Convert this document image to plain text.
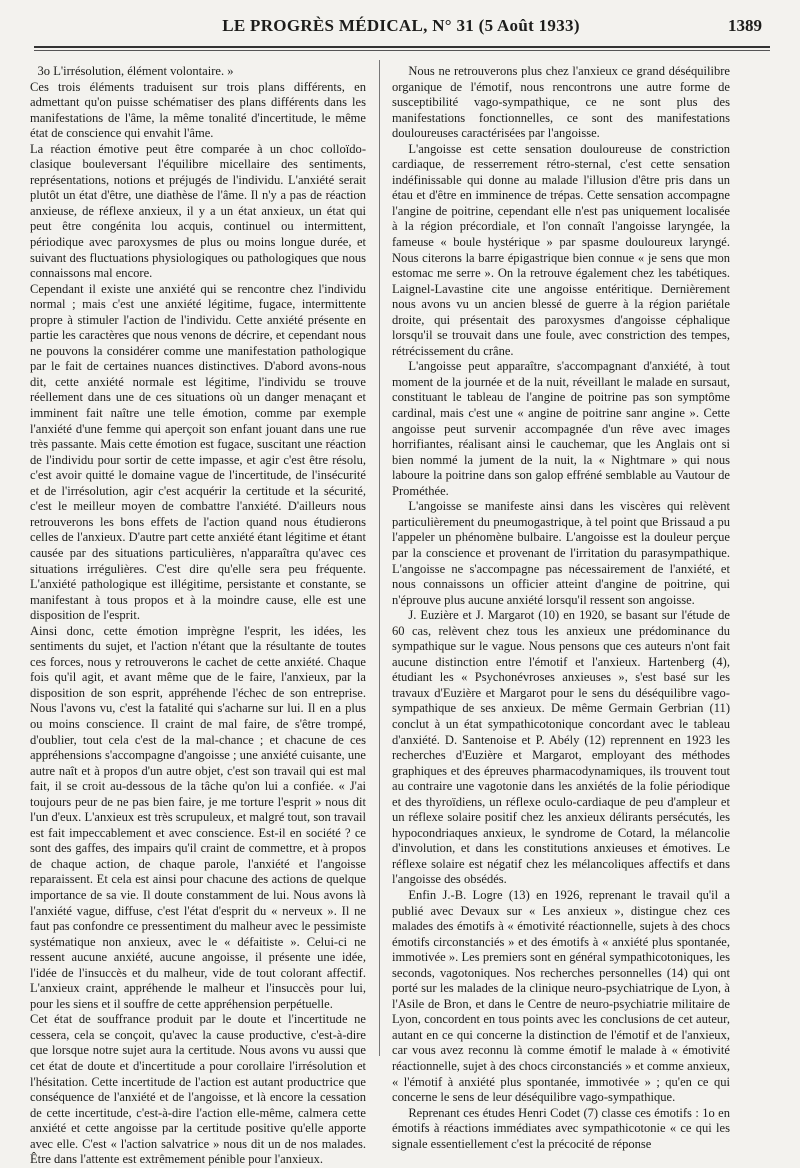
LE PROGRÈS MÉDICAL, N° 31 (5 Août 1933)	1389

3o L'irrésolution, élément volontaire. »

Ces trois éléments traduisent sur trois plans différents, en admettant qu'on puisse schématiser des plans différents dans les manifestations de l'âme, la même tonalité d'incertitude, le même état de conscience qui envahit l'âme.

La réaction émotive peut être comparée à un choc colloïdo-clasique bouleversant l'équilibre micellaire des sentiments, représentations, notions et préjugés de l'individu. L'anxiété serait plutôt un état d'être, une diathèse de l'âme. Il n'y a pas de réaction anxieuse, de réflexe anxieux, il y a un état anxieux, un état qui peut être congénita lou acquis, continuel ou intermittent, périodique avec paroxysmes de plus ou moins longue durée, et suivant des fluctuations physiologiques ou pathologiques que nous connaissons mal encore.

Cependant il existe une anxiété qui se rencontre chez l'individu normal ; mais c'est une anxiété légitime, fugace, intermittente propre à stimuler l'action de l'individu. Cette anxiété présente en partie les caractères que nous venons de décrire, et cependant nous ne pouvons la considérer comme une manifestation pathologique par le fait de certaines nuances distinctives. D'abord avons-nous dit, cette anxiété normale est légitime, l'individu se trouve réellement dans une de ces situations où un danger menaçant et imminent fait naître une telle émotion, comme par exemple l'anxiété d'une femme qui aperçoit son enfant jouant dans une rue très passante. Mais cette émotion est fugace, suscitant une réaction de l'individu pour sortir de cette impasse, et agir c'est être résolu, c'est avoir quitté le domaine vague de l'incertitude, de l'insécurité et de l'irrésolution, agir c'est acquérir la certitude et la sécurité, c'est le meilleur moyen de combattre l'anxiété. D'ailleurs nous retrouverons les bons effets de l'action quand nous étudierons celles de l'anxieux. D'autre part cette anxiété étant légitime et étant causée par des situations particulières, n'apparaîtra qu'avec ces situations irrégulières. C'est dire qu'elle sera peu fréquente. L'anxiété pathologique est illégitime, persistante et constante, se manifestant à tous propos et à la moindre cause, elle est une disposition de l'esprit.

Ainsi donc, cette émotion imprègne l'esprit, les idées, les sentiments du sujet, et l'action n'étant que la résultante de toutes ces forces, nous y retrouverons le cachet de cette anxiété. Chaque fois qu'il agit, et avant même que de le faire, l'anxieux, par la disposition de son esprit, appréhende l'échec de son entreprise. Nous l'avons vu, c'est la fatalité qui s'acharne sur lui. Il en a plus ou moins conscience. Il craint de mal faire, de s'être trompé, d'oublier, tout cela c'est de la mal-chance ; et chacune de ces appréhensions s'accompagne d'angoisse ; une anxiété cuisante, une autre naît et à propos d'un autre objet, c'est son travail qui est mal fait, il se croit au-dessous de la tâche qu'on lui a confiée. « J'ai toujours peur de ne pas bien faire, je me torture l'esprit » nous dit l'un d'eux. L'anxieux est très scrupuleux, et malgré tout, son travail est fait impeccablement et avec conscience. Est-il en société ? ce sont des gaffes, des impairs qu'il craint de commettre, et à propos de chaque action, de chaque parole, l'anxiété et l'angoisse reparaissent. Et cela est ainsi pour chacune des actions de quelque importance de sa vie. Il doute constamment de lui. Nous avons là l'anxiété vague, diffuse, c'est l'état d'esprit du « nerveux ». Il ne faut pas confondre ce pressentiment du malheur avec le pessimiste systématique non anxieux, avec le « défaitiste ». Celui-ci ne ressent aucune anxiété, aucune angoisse, il présente une idée, l'idée de l'insuccès et du malheur, vide de tout colorant affectif. L'anxieux craint, appréhende le malheur et l'insuccès pour lui, pour les siens et il souffre de cette appréhension perpétuelle.

Cet état de souffrance produit par le doute et l'incertitude ne cessera, cela se conçoit, qu'avec la cause productive, c'est-à-dire que lorsque notre sujet aura la certitude. Nous avons vu aussi que cet état de doute et d'incertitude a pour corollaire l'irrésolution et l'hésitation. Cette incertitude de l'action est autant productrice que conséquence de l'anxiété et de l'angoisse, et là encore la cessation de cette incertitude, c'est-à-dire l'action elle-même, calmera cette anxiété et cette angoisse par la certitude positive qu'elle apporte avec elle. C'est « l'action salvatrice » nous dit un de nos malades. Être dans l'attente est extrêmement pénible pour l'anxieux.

Nous ne retrouverons plus chez l'anxieux ce grand déséquilibre organique de l'émotif, nous rencontrons une autre forme de susceptibilité vago-sympathique, ce ne sont plus des manifestations fonctionnelles, ce sont des manifestations douloureuses caractérisées par l'angoisse.

L'angoisse est cette sensation douloureuse de constriction cardiaque, de resserrement rétro-sternal, c'est cette sensation indéfinissable qui donne au malade l'illusion d'être pris dans un étau et d'être en imminence de trépas. Cette sensation accompagne l'angine de poitrine, cependant elle n'est pas uniquement localisée à la région précordiale, et l'on connaît l'angoisse laryngée, la fameuse « boule hystérique » par spasme douloureux laryngé. Nous citerons la barre épigastrique bien connue « je sens que mon estomac me serre ». On la retrouve également chez les tabétiques. Laignel-Lavastine cite une angoisse entéritique. Dernièrement nous avons vu un ancien blessé de guerre à la région pariétale droite, qui présentait des paroxysmes d'angoisse céphalique lorsqu'il se trouvait dans une foule, avec constriction des tempes, rétrécissement du crâne.

L'angoisse peut apparaître, s'accompagnant d'anxiété, à tout moment de la journée et de la nuit, réveillant le malade en sursaut, constituant le tableau de l'angine de poitrine pas son symptôme cardinal, mais c'est une « angine de poitrine sanr angine ». Cette angoisse peut survenir accompagnée d'un rêve avec images horrifiantes, réalisant ainsi le cauchemar, que les Anglais ont si bien nommé la jument de la nuit, la « Nightmare » qui nous laboure la poitrine dans son galop effréné semblable au Vautour de Prométhée.

L'angoisse se manifeste ainsi dans les viscères qui relèvent particulièrement du pneumogastrique, à tel point que Brissaud a pu l'appeler un phénomène bulbaire. L'angoisse est la douleur perçue par la conscience et provenant de l'irritation du parasympathique. L'angoisse ne s'accompagne pas nécessairement de l'anxiété, et nous connaissons un officier atteint d'angine de poitrine, qui n'éprouve plus aucune anxiété lorsqu'il ressent son angoisse.

J. Euzière et J. Margarot (10) en 1920, se basant sur l'étude de 60 cas, relèvent chez tous les anxieux une prédominance du sympathique sur le vague. Nous pensons que ces auteurs n'ont fait aucune distinction entre l'émotif et l'anxieux. Hartenberg (4), étudiant les « Psychonévroses anxieuses », s'est basé sur les travaux d'Euzière et Margarot pour le sens du déséquilibre vago-sympathique de ses anxieux. De même Germain Gerbrian (11) conclut à un état sympathicotonique concordant avec le tableau d'anxiété. D. Santenoise et P. Abély (12) reprennent en 1923 les recherches d'Euzière et Margarot, employant des méthodes graphiques et des épreuves pharmacodynamiques, ils trouvent tout au contraire une vagotonie dans les anxiétés de la folie périodique et des thyroïdiens, un réflexe oculo-cardiaque de peu d'ampleur et un réflexe solaire positif chez les anxieux délirants persécutés, les hypocondriaques anxieux, le syndrome de Cotard, la mélancolie d'involution, et dans les constitutions anxieuses et émotives. Le réflexe solaire est négatif chez les mélancoliques affectifs et dans l'angoisse des obsédés.

Enfin J.-B. Logre (13) en 1926, reprenant le travail qu'il a publié avec Devaux sur « Les anxieux », distingue chez ces malades des émotifs à « émotivité réactionnelle, sujets à des chocs émotifs circonstanciés » et des émotifs à « anxiété plus spontanée, immotivée ». Les premiers sont en général sympathicotoniques, les seconds, vagotoniques. Nos recherches personnelles (14) qui ont porté sur les malades de la clinique neuro-psychiatrique de Lyon, à l'Asile de Bron, et dans le Centre de neuro-psychiatrie militaire de Lyon, concordent en tous points avec les conclusions de cet auteur, autant en ce qui concerne la distinction de l'émotif et de l'anxieux, car vous avez reconnu là comme émotif le malade à « émotivité réactionnelle, sujet à des chocs circonstanciés » et comme anxieux, « l'émotif à anxiété plus spontanée, immotivée » ; qu'en ce qui concerne le sens de leur déséquilibre vago-sympathique.

Reprenant ces études Henri Codet (7) classe ces émotifs : 1o en émotifs à réactions immédiates avec sympathicotonie « ce qui les signale essentiellement c'est la précocité de réponse
